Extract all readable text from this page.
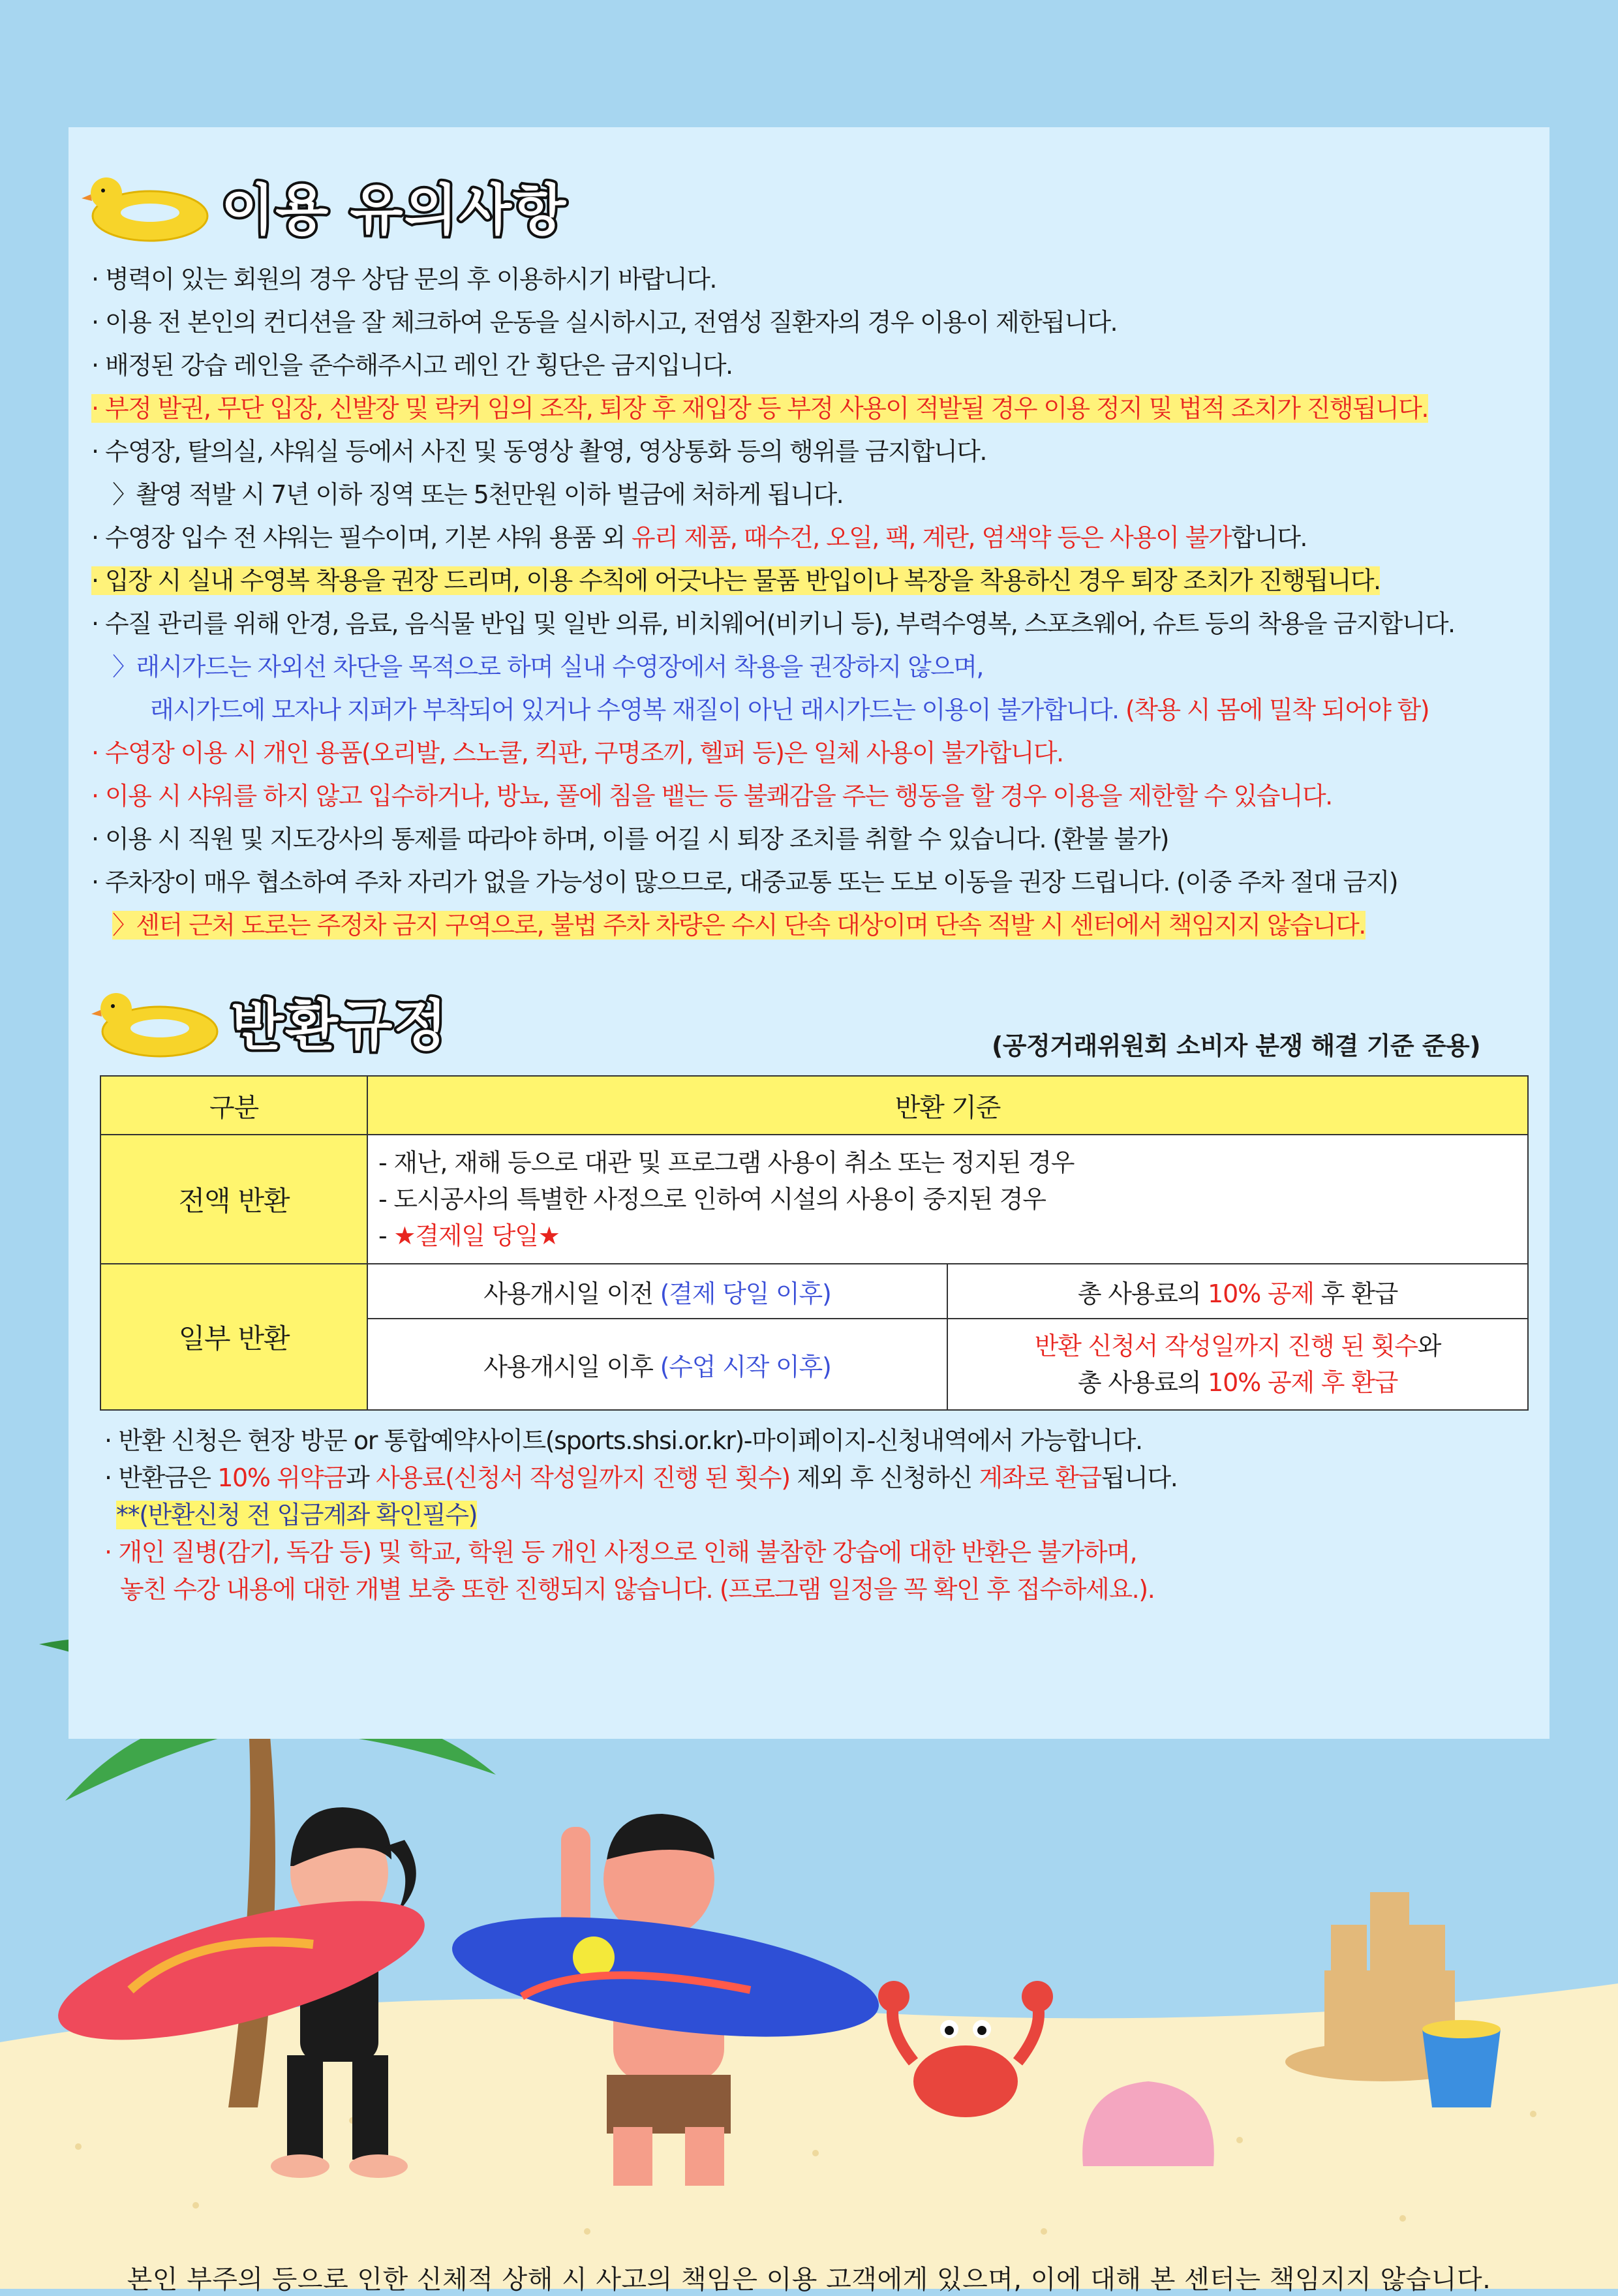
이용 유의사항
· 병력이 있는 회원의 경우 상담 문의 후 이용하시기 바랍니다.
· 이용 전 본인의 컨디션을 잘 체크하여 운동을 실시하시고, 전염성 질환자의 경우 이용이 제한됩니다.
· 배정된 강습 레인을 준수해주시고 레인 간 횡단은 금지입니다.
· 부정 발권, 무단 입장, 신발장 및 락커 임의 조작, 퇴장 후 재입장 등 부정 사용이 적발될 경우 이용 정지 및 법적 조치가 진행됩니다.
· 수영장, 탈의실, 샤워실 등에서 사진 및 동영상 촬영, 영상통화 등의 행위를 금지합니다.
〉촬영 적발 시 7년 이하 징역 또는 5천만원 이하 벌금에 처하게 됩니다.
· 수영장 입수 전 샤워는 필수이며, 기본 샤워 용품 외 유리 제품, 때수건, 오일, 팩, 계란, 염색약 등은 사용이 불가합니다.
· 입장 시 실내 수영복 착용을 권장 드리며, 이용 수칙에 어긋나는 물품 반입이나 복장을 착용하신 경우 퇴장 조치가 진행됩니다.
· 수질 관리를 위해 안경, 음료, 음식물 반입 및 일반 의류, 비치웨어(비키니 등), 부력수영복, 스포츠웨어, 슈트 등의 착용을 금지합니다.
〉래시가드는 자외선 차단을 목적으로 하며 실내 수영장에서 착용을 권장하지 않으며,
래시가드에 모자나 지퍼가 부착되어 있거나 수영복 재질이 아닌 래시가드는 이용이 불가합니다. (착용 시 몸에 밀착 되어야 함)
· 수영장 이용 시 개인 용품(오리발, 스노쿨, 킥판, 구명조끼, 헬퍼 등)은 일체 사용이 불가합니다.
· 이용 시 샤워를 하지 않고 입수하거나, 방뇨, 풀에 침을 뱉는 등 불쾌감을 주는 행동을 할 경우 이용을 제한할 수 있습니다.
· 이용 시 직원 및 지도강사의 통제를 따라야 하며, 이를 어길 시 퇴장 조치를 취할 수 있습니다. (환불 불가)
· 주차장이 매우 협소하여 주차 자리가 없을 가능성이 많으므로, 대중교통 또는 도보 이동을 권장 드립니다. (이중 주차 절대 금지)
〉센터 근처 도로는 주정차 금지 구역으로, 불법 주차 차량은 수시 단속 대상이며 단속 적발 시 센터에서 책임지지 않습니다.
반환규정	(공정거래위원회 소비자 분쟁 해결 기준 준용)
구분	반환 기준	
전액 반환	- 재난, 재해 등으로 대관 및 프로그램 사용이 취소 또는 정지된 경우
- 도시공사의 특별한 사정으로 인하여 시설의 사용이 중지된 경우
- ★결제일 당일★	

일부 반환	사용개시일 이전 (결제 당일 이후)	총 사용료의 10% 공제 후 환급
	사용개시일 이후 (수업 시작 이후)	반환 신청서 작성일까지 진행 된 횟수와
총 사용료의 10% 공제 후 환급
· 반환 신청은 현장 방문 or 통합예약사이트(sports.shsi.or.kr)-마이페이지-신청내역에서 가능합니다.
· 반환금은 10% 위약금과 사용료(신청서 작성일까지 진행 된 횟수) 제외 후 신청하신 계좌로 환급됩니다.
**(반환신청 전 입금계좌 확인필수)
· 개인 질병(감기, 독감 등) 및 학교, 학원 등 개인 사정으로 인해 불참한 강습에 대한 반환은 불가하며,
놓친 수강 내용에 대한 개별 보충 또한 진행되지 않습니다. (프로그램 일정을 꼭 확인 후 접수하세요.).
본인 부주의 등으로 인한 신체적 상해 시 사고의 책임은 이용 고객에게 있으며, 이에 대해 본 센터는 책임지지 않습니다.
